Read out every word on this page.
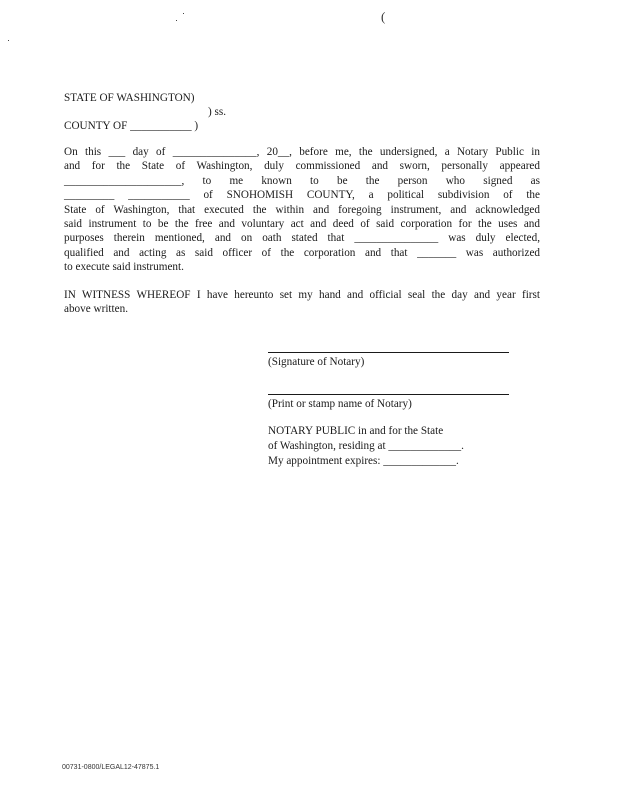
(
STATE OF WASHINGTON)
) ss.
COUNTY OF ___________ )
On this ___ day of _______________, 20__, before me, the undersigned, a Notary Public in
and for the State of Washington, duly commissioned and sworn, personally appeared
_____________________, to me known to be the person who signed as
_________ ___________ of SNOHOMISH COUNTY, a political subdivision of the
State of Washington, that executed the within and foregoing instrument, and acknowledged
said instrument to be the free and voluntary act and deed of said corporation for the uses and
purposes therein mentioned, and on oath stated that _______________ was duly elected,
qualified and acting as said officer of the corporation and that _______ was authorized
to execute said instrument.
IN WITNESS WHEREOF I have hereunto set my hand and official seal the day and year first
above written.
(Signature of Notary)
(Print or stamp name of Notary)
NOTARY PUBLIC in and for the State
of Washington, residing at _____________.
My appointment expires: _____________.
00731-0800/LEGAL12-47875.1
